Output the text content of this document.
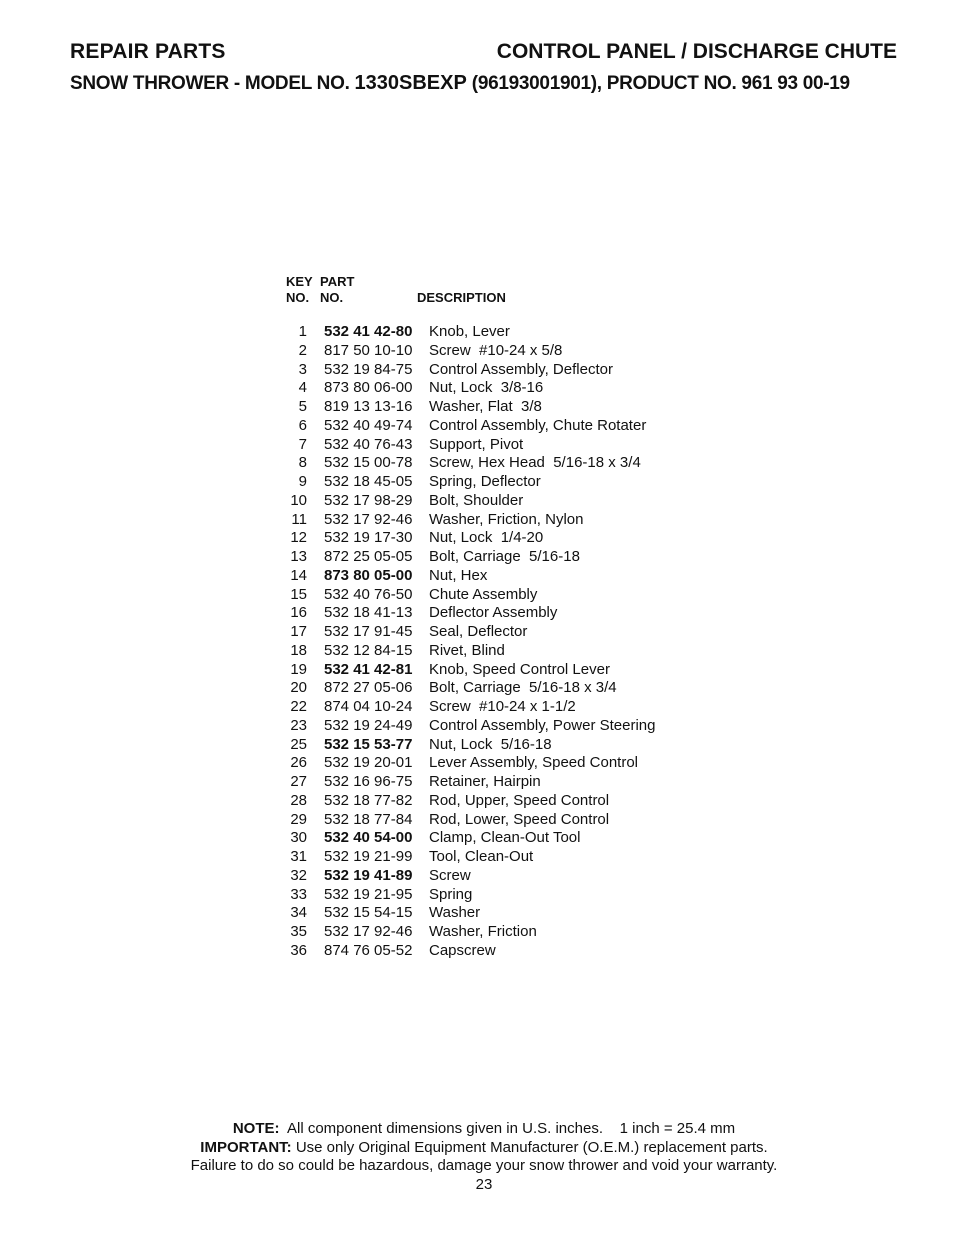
REPAIR PARTS	CONTROL PANEL / DISCHARGE CHUTE
SNOW THROWER - MODEL NO. 1330SBEXP (96193001901), PRODUCT NO. 961 93 00-19
KEY
NO.
PART
NO.	DESCRIPTION
1	532 41 42-80	Knob, Lever
2	817 50 10-10	Screw  #10-24 x 5/8
3	532 19 84-75	Control Assembly, Deflector
4	873 80 06-00	Nut, Lock  3/8-16
5	819 13 13-16	Washer, Flat  3/8
6	532 40 49-74	Control Assembly, Chute Rotater
7	532 40 76-43	Support, Pivot
8	532 15 00-78	Screw, Hex Head  5/16-18 x 3/4
9	532 18 45-05	Spring, Deflector
10	532 17 98-29	Bolt, Shoulder
11	532 17 92-46	Washer, Friction, Nylon
12	532 19 17-30	Nut, Lock  1/4-20
13	872 25 05-05	Bolt, Carriage  5/16-18
14	873 80 05-00	Nut, Hex
15	532 40 76-50	Chute Assembly
16	532 18 41-13	Deflector Assembly
17	532 17 91-45	Seal, Deflector
18	532 12 84-15	Rivet, Blind
19	532 41 42-81	Knob, Speed Control Lever
20	872 27 05-06	Bolt, Carriage  5/16-18 x 3/4
22	874 04 10-24	Screw  #10-24 x 1-1/2
23	532 19 24-49	Control Assembly, Power Steering
25	532 15 53-77	Nut, Lock  5/16-18
26	532 19 20-01	Lever Assembly, Speed Control
27	532 16 96-75	Retainer, Hairpin
28	532 18 77-82	Rod, Upper, Speed Control
29	532 18 77-84	Rod, Lower, Speed Control
30	532 40 54-00	Clamp, Clean-Out Tool
31	532 19 21-99	Tool, Clean-Out
32	532 19 41-89	Screw
33	532 19 21-95	Spring
34	532 15 54-15	Washer
35	532 17 92-46	Washer, Friction
36	874 76 05-52	Capscrew
NOTE:  All component dimensions given in U.S. inches.    1 inch = 25.4 mm
IMPORTANT: Use only Original Equipment Manufacturer (O.E.M.) replacement parts.
Failure to do so could be hazardous, damage your snow thrower and void your warranty.
23
